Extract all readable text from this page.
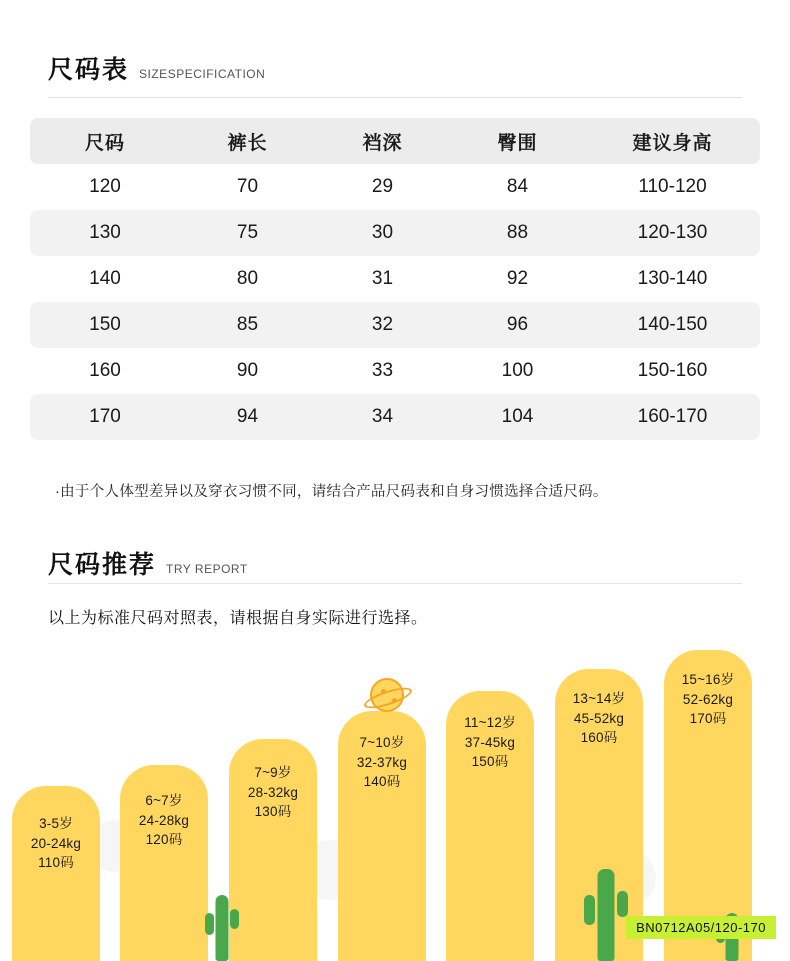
尺码表 SIZESPECIFICATION
尺码	裤长	裆深	臀围	建议身高
120	70	29	84	110-120
130	75	30	88	120-130
140	80	31	92	130-140
150	85	32	96	140-150
160	90	33	100	150-160
170	94	34	104	160-170
·由于个人体型差异以及穿衣习惯不同，请结合产品尺码表和自身习惯选择合适尺码。
尺码推荐 TRY REPORT
以上为标准尺码对照表，请根据自身实际进行选择。
3-5岁
20-24kg
110码
6~7岁
24-28kg
120码
7~9岁
28-32kg
130码
7~10岁
32-37kg
140码
11~12岁
37-45kg
150码
13~14岁
45-52kg
160码
15~16岁
52-62kg
170码
BN0712A05/120-170
